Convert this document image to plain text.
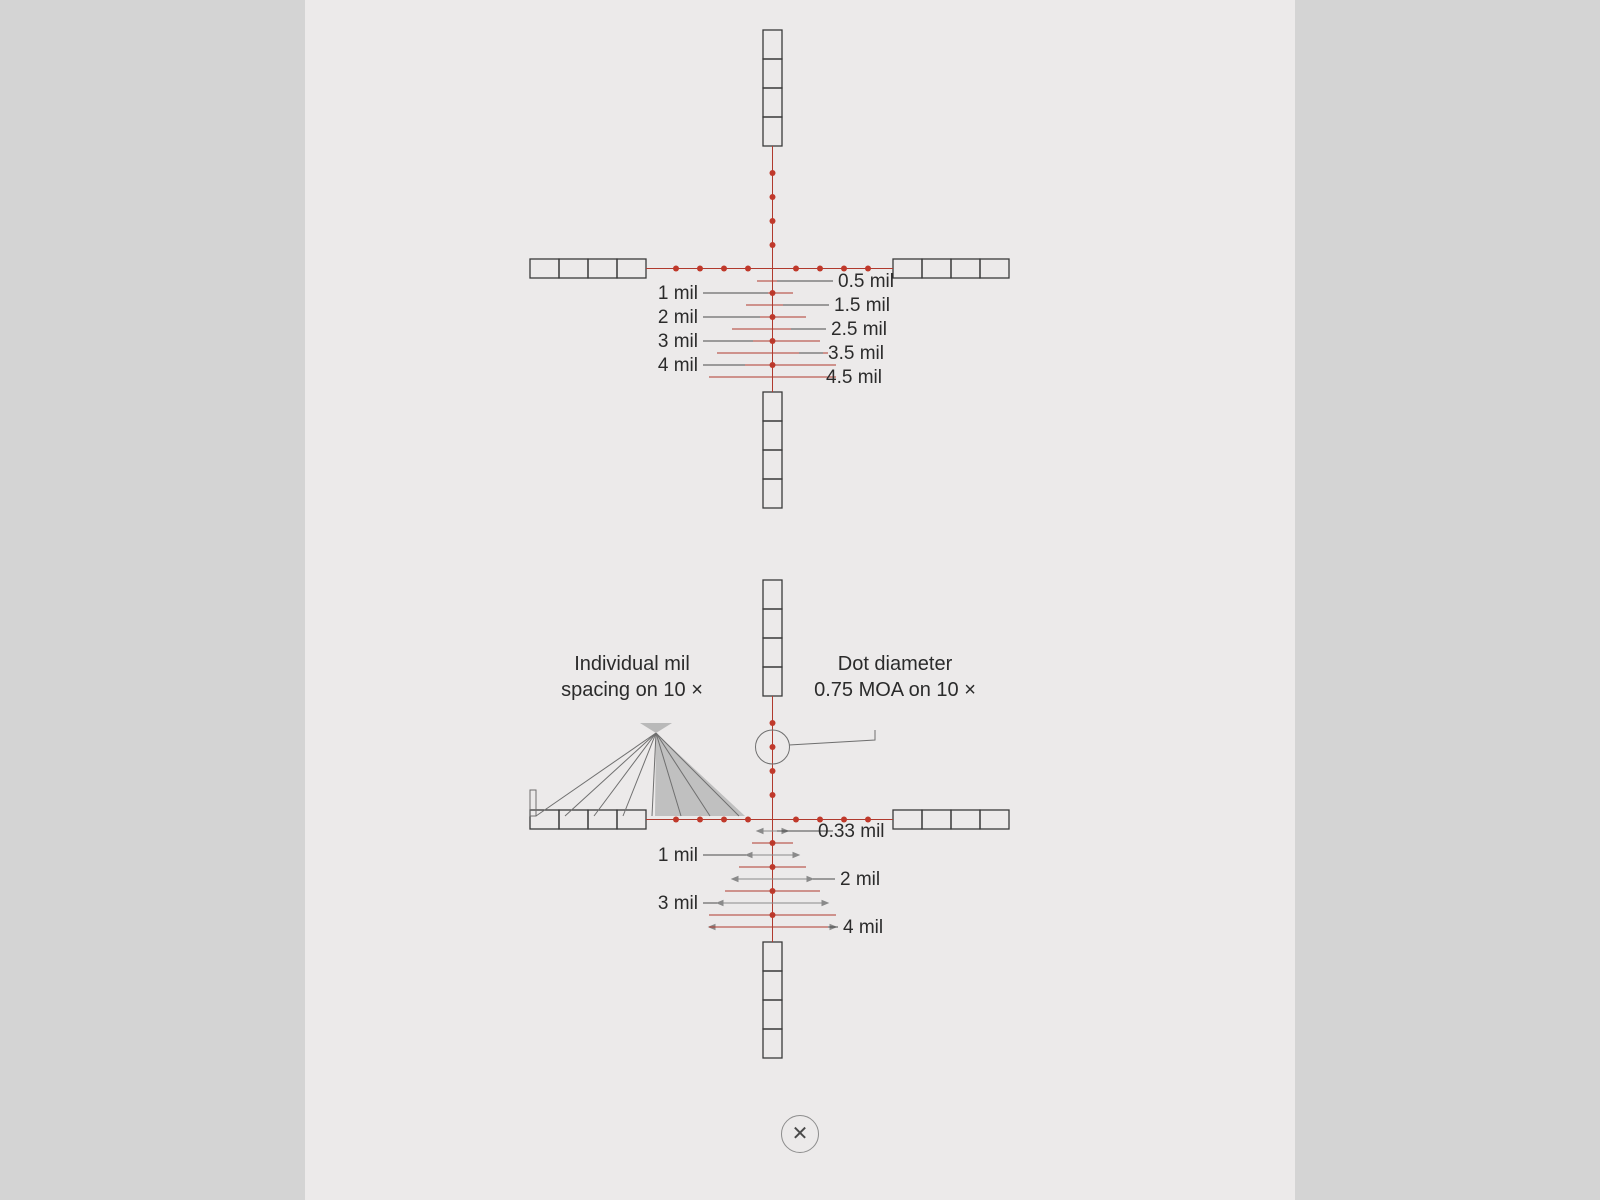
1 mil
2 mil
3 mil
4 mil
0.5 mil
1.5 mil
2.5 mil
3.5 mil
4.5 mil
Individual mil
spacing on 10 ×
Dot diameter
0.75 MOA on 10 ×
1 mil
3 mil
0.33 mil
2 mil
4 mil
✕
